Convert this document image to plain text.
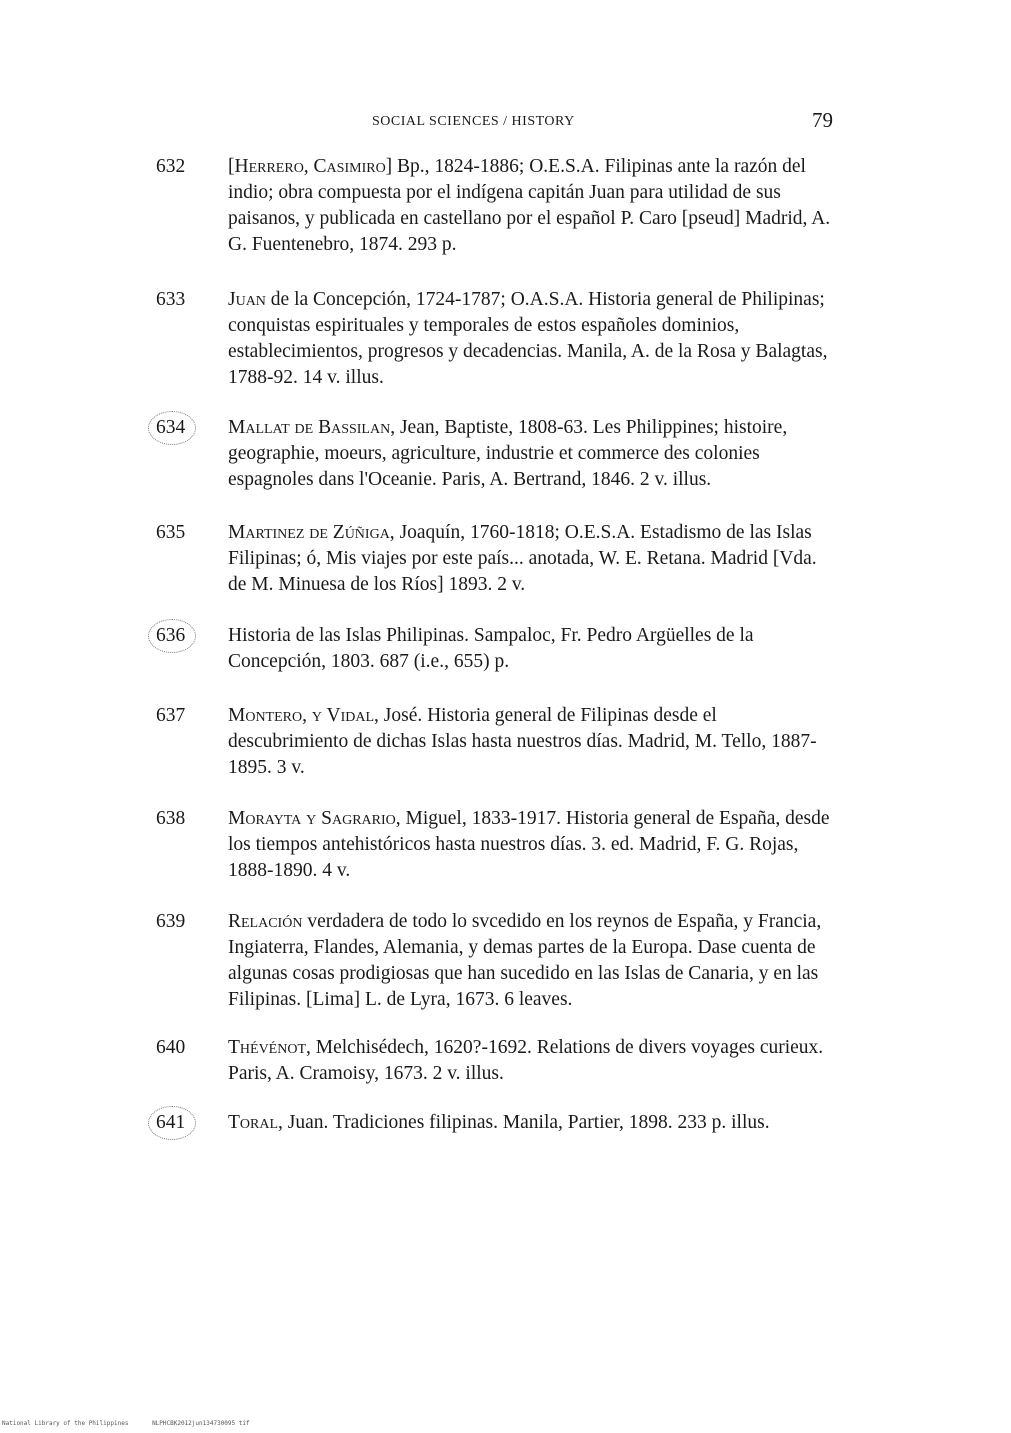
SOCIAL SCIENCES / HISTORY	79
632	[Herrero, Casimiro] Bp., 1824-1886; O.E.S.A. Filipinas ante la razón del indio; obra compuesta por el indígena capitán Juan para utilidad de sus paisanos, y publicada en castellano por el español P. Caro [pseud] Madrid, A. G. Fuentenebro, 1874. 293 p.
633	Juan de la Concepción, 1724-1787; O.A.S.A. Historia general de Philipinas; conquistas espirituales y temporales de estos españoles dominios, establecimientos, progresos y decadencias. Manila, A. de la Rosa y Balagtas, 1788-92. 14 v. illus.
634	Mallat de Bassilan, Jean, Baptiste, 1808-63. Les Philippines; histoire, geographie, moeurs, agriculture, industrie et commerce des colonies espagnoles dans l'Oceanie. Paris, A. Bertrand, 1846. 2 v. illus.
635	Martinez de Zúñiga, Joaquín, 1760-1818; O.E.S.A. Estadismo de las Islas Filipinas; ó, Mis viajes por este país... anotada, W. E. Retana. Madrid [Vda. de M. Minuesa de los Ríos] 1893. 2 v.
636	Historia de las Islas Philipinas. Sampaloc, Fr. Pedro Argüelles de la Concepción, 1803. 687 (i.e., 655) p.
637	Montero, y Vidal, José. Historia general de Filipinas desde el descubrimiento de dichas Islas hasta nuestros días. Madrid, M. Tello, 1887-1895. 3 v.
638	Morayta y Sagrario, Miguel, 1833-1917. Historia general de España, desde los tiempos antehistóricos hasta nuestros días. 3. ed. Madrid, F. G. Rojas, 1888-1890. 4 v.
639	Relación verdadera de todo lo svcedido en los reynos de España, y Francia, Ingiaterra, Flandes, Alemania, y demas partes de la Europa. Dase cuenta de algunas cosas prodigiosas que han sucedido en las Islas de Canaria, y en las Filipinas. [Lima] L. de Lyra, 1673. 6 leaves.
640	Thévénot, Melchisédech, 1620?-1692. Relations de divers voyages curieux. Paris, A. Cramoisy, 1673. 2 v. illus.
641	Toral, Juan. Tradiciones filipinas. Manila, Partier, 1898. 233 p. illus.
National Library of the Philippines	NLPHCBK2012jun134730095 tif
